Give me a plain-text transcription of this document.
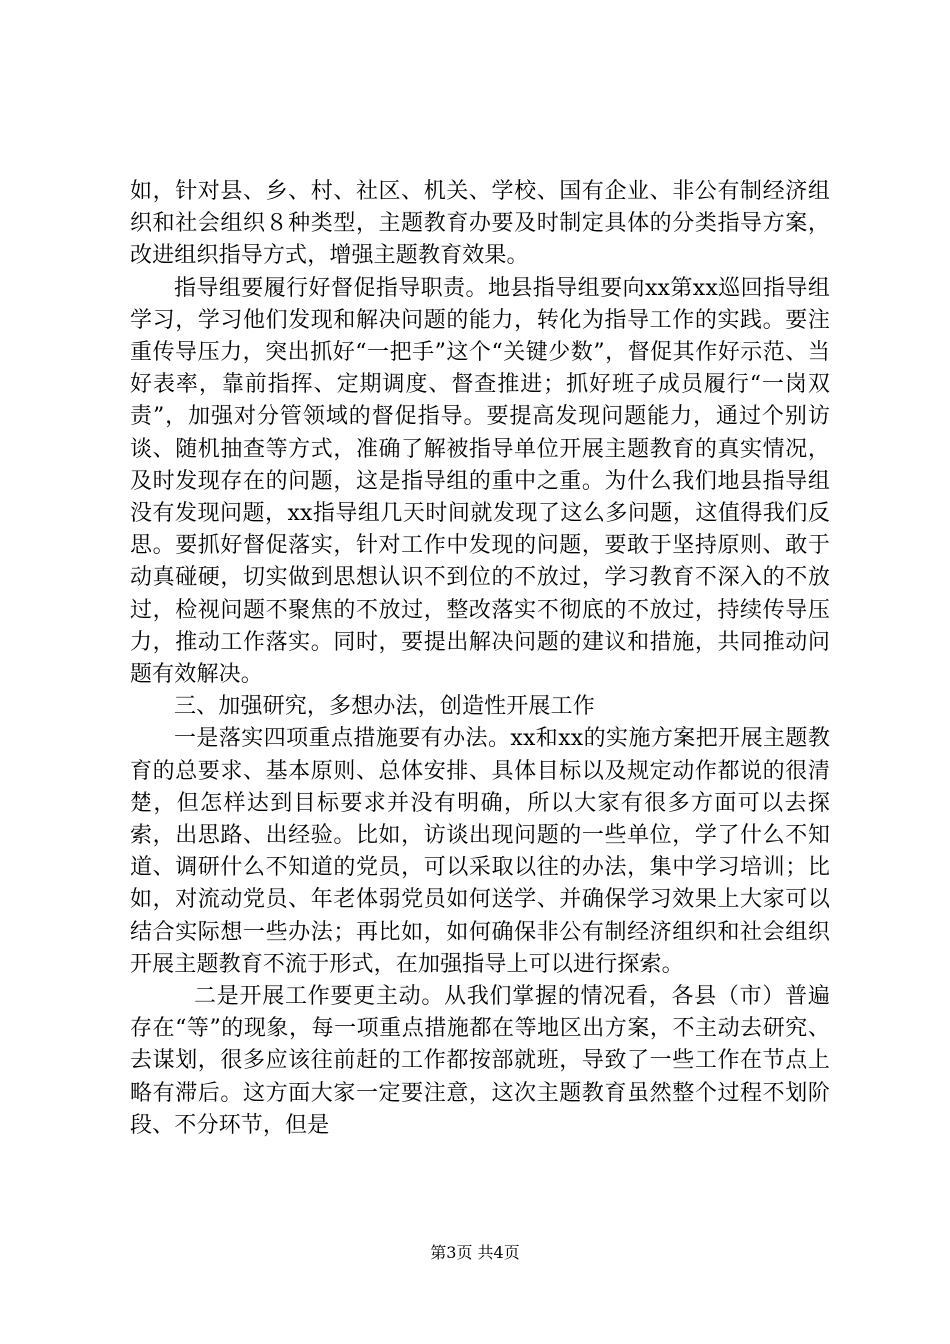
如，针对县、乡、村、社区、机关、学校、国有企业、非公有制经济组织和社会组织８种类型，主题教育办要及时制定具体的分类指导方案，改进组织指导方式，增强主题教育效果。

指导组要履行好督促指导职责。地县指导组要向xx第xx巡回指导组学习，学习他们发现和解决问题的能力，转化为指导工作的实践。要注重传导压力，突出抓好“一把手”这个“关键少数”，督促其作好示范、当好表率，靠前指挥、定期调度、督查推进；抓好班子成员履行“一岗双责”，加强对分管领域的督促指导。要提高发现问题能力，通过个别访谈、随机抽查等方式，准确了解被指导单位开展主题教育的真实情况，及时发现存在的问题，这是指导组的重中之重。为什么我们地县指导组没有发现问题，xx指导组几天时间就发现了这么多问题，这值得我们反思。要抓好督促落实，针对工作中发现的问题，要敢于坚持原则、敢于动真碰硬，切实做到思想认识不到位的不放过，学习教育不深入的不放过，检视问题不聚焦的不放过，整改落实不彻底的不放过，持续传导压力，推动工作落实。同时，要提出解决问题的建议和措施，共同推动问题有效解决。

三、加强研究，多想办法，创造性开展工作

一是落实四项重点措施要有办法。xx和xx的实施方案把开展主题教育的总要求、基本原则、总体安排、具体目标以及规定动作都说的很清楚，但怎样达到目标要求并没有明确，所以大家有很多方面可以去探索，出思路、出经验。比如，访谈出现问题的一些单位，学了什么不知道、调研什么不知道的党员，可以采取以往的办法，集中学习培训；比如，对流动党员、年老体弱党员如何送学、并确保学习效果上大家可以结合实际想一些办法；再比如，如何确保非公有制经济组织和社会组织开展主题教育不流于形式，在加强指导上可以进行探索。

二是开展工作要更主动。从我们掌握的情况看，各县（市）普遍存在“等”的现象，每一项重点措施都在等地区出方案，不主动去研究、去谋划，很多应该往前赶的工作都按部就班，导致了一些工作在节点上略有滞后。这方面大家一定要注意，这次主题教育虽然整个过程不划阶段、不分环节，但是

第3页 共4页
